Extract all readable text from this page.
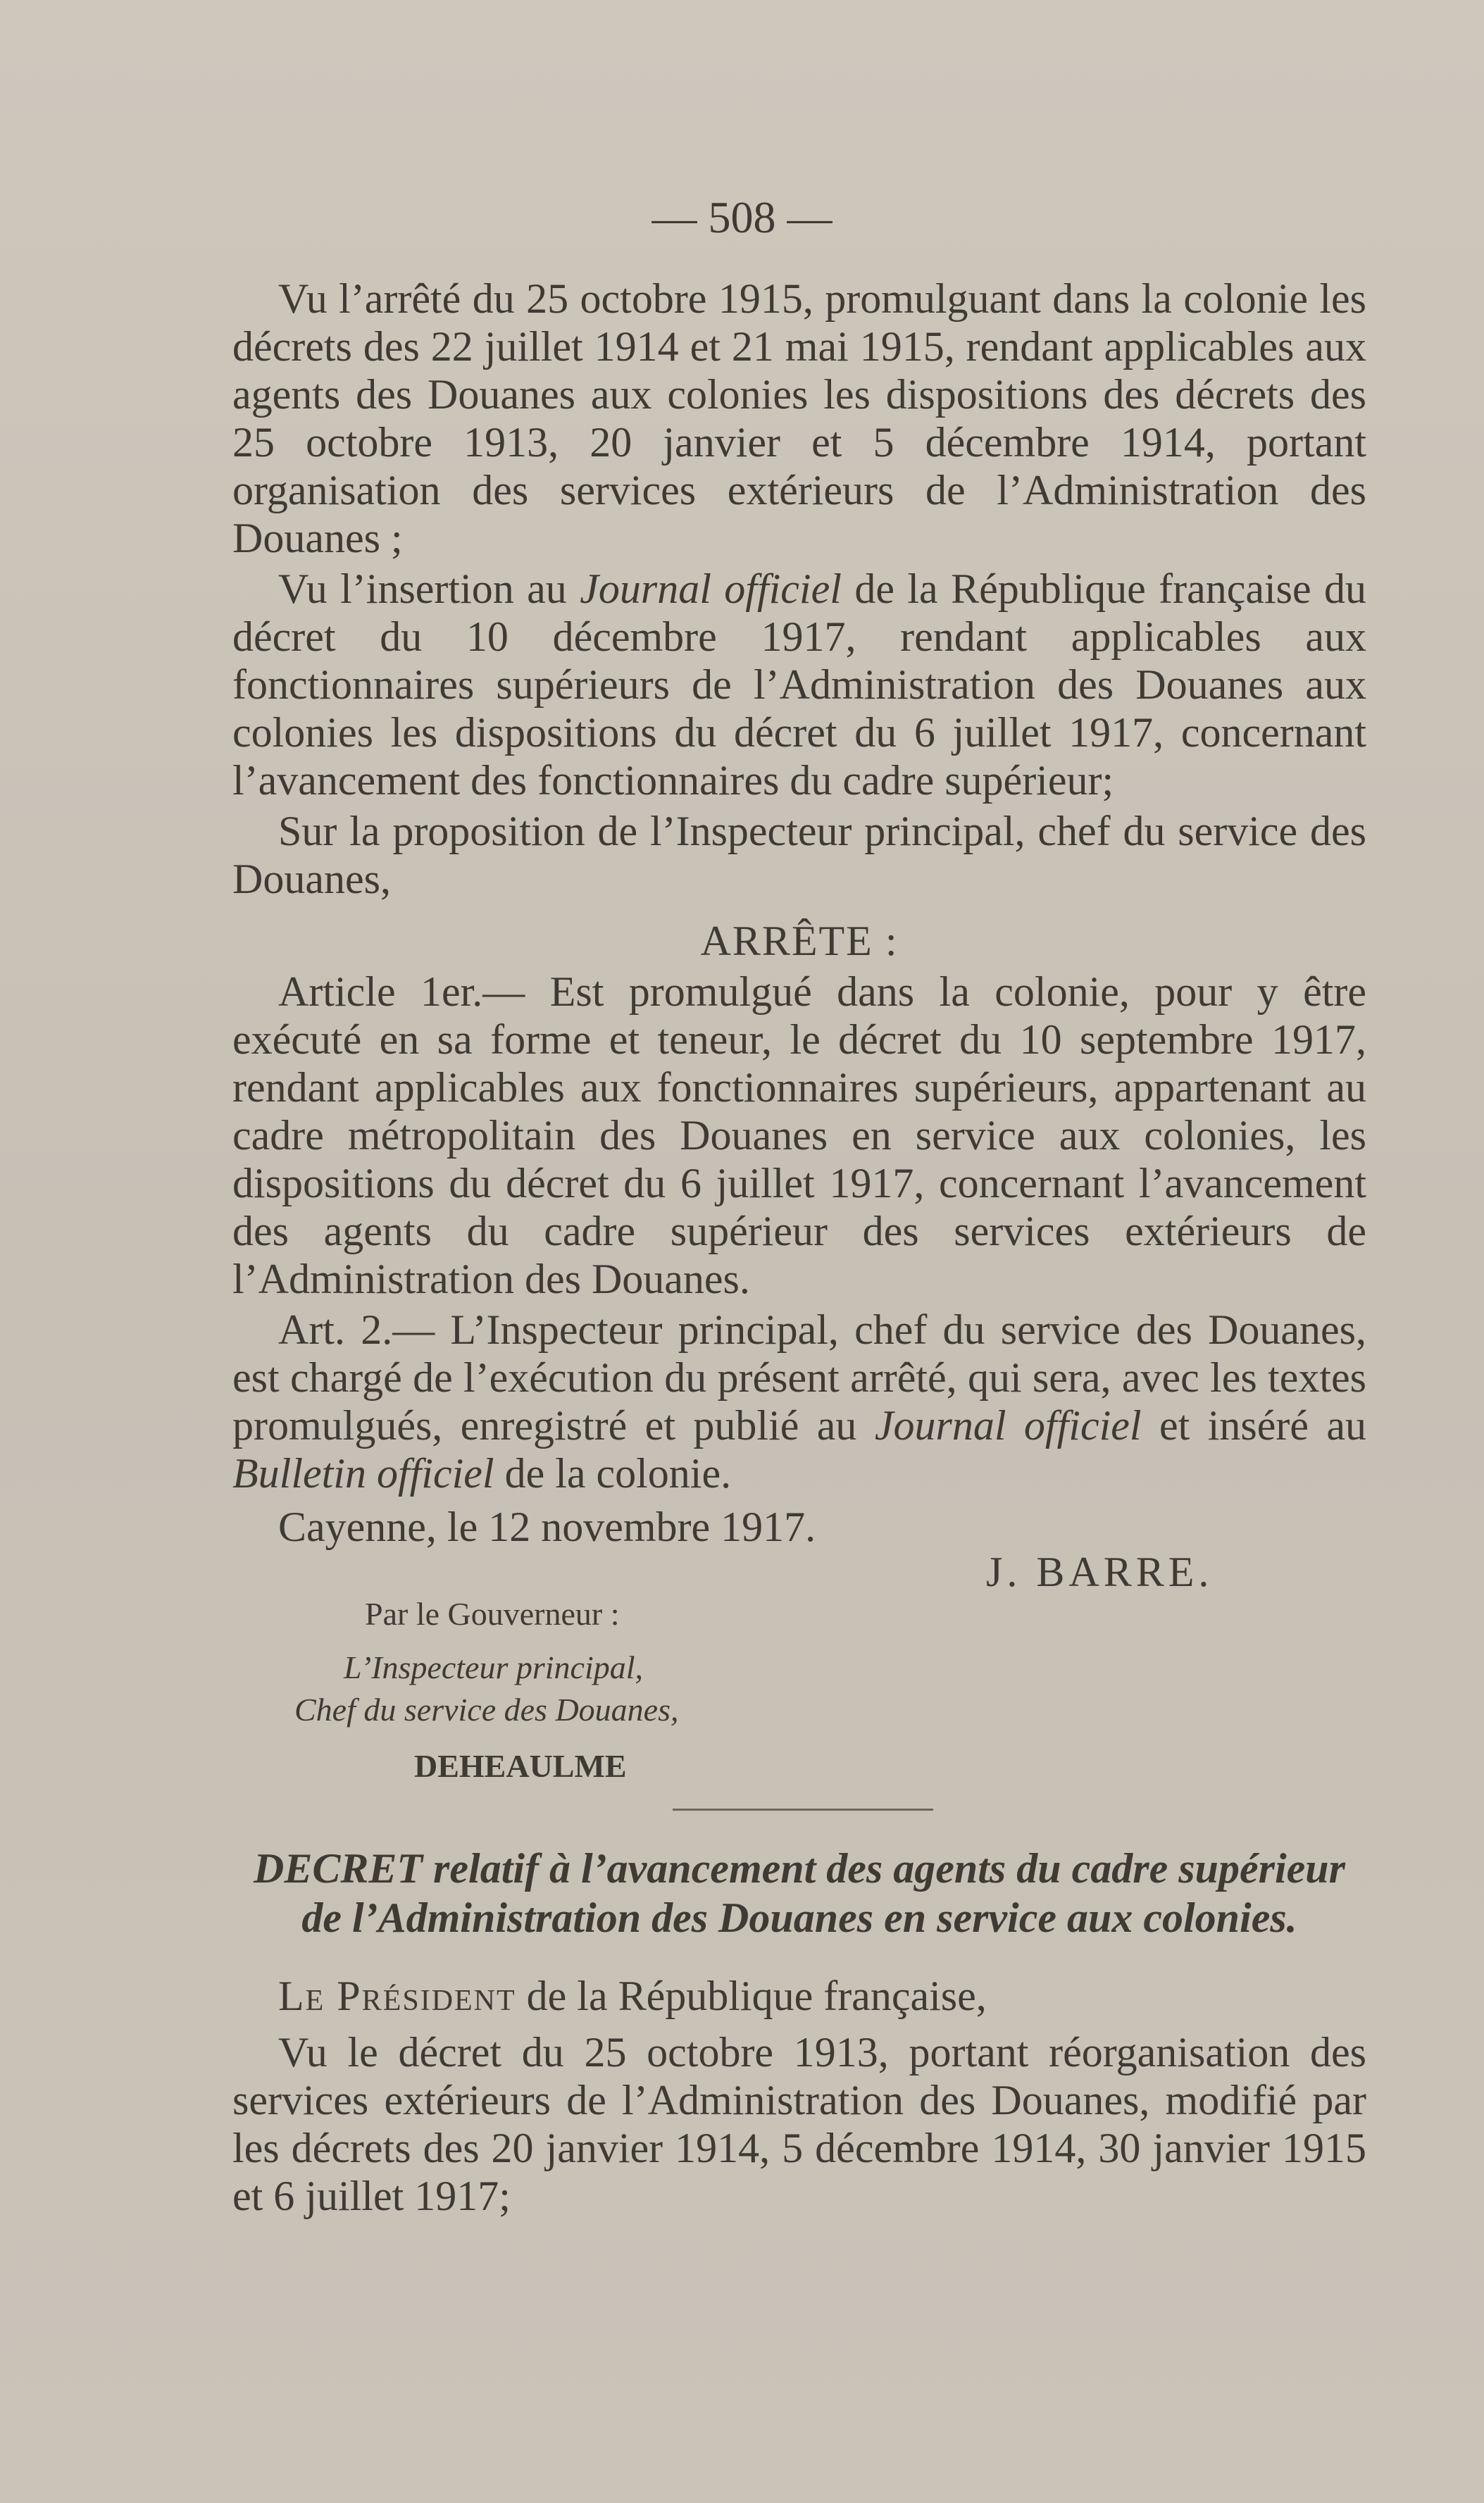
— 508 —

Vu l’arrêté du 25 octobre 1915, promulguant dans la colonie les décrets des 22 juillet 1914 et 21 mai 1915, rendant applicables aux agents des Douanes aux colonies les dispositions des décrets des 25 octobre 1913, 20 janvier et 5 décembre 1914, portant organisation des services extérieurs de l’Administration des Douanes ;

Vu l’insertion au Journal officiel de la République française du décret du 10 décembre 1917, rendant applicables aux fonctionnaires supérieurs de l’Administration des Douanes aux colonies les dispositions du décret du 6 juillet 1917, concernant l’avancement des fonctionnaires du cadre supérieur;

Sur la proposition de l’Inspecteur principal, chef du service des Douanes,

ARRÊTE :

Article 1er.— Est promulgué dans la colonie, pour y être exécuté en sa forme et teneur, le décret du 10 septembre 1917, rendant applicables aux fonctionnaires supérieurs, appartenant au cadre métropolitain des Douanes en service aux colonies, les dispositions du décret du 6 juillet 1917, concernant l’avancement des agents du cadre supérieur des services extérieurs de l’Administration des Douanes.

Art. 2.— L’Inspecteur principal, chef du service des Douanes, est chargé de l’exécution du présent arrêté, qui sera, avec les textes promulgués, enregistré et publié au Journal officiel et inséré au Bulletin officiel de la colonie.

Cayenne, le 12 novembre 1917.

J. BARRE.
Par le Gouverneur :
L’Inspecteur principal,
Chef du service des Douanes,
DEHEAULME
DECRET relatif à l’avancement des agents du cadre supérieur
de l’Administration des Douanes en service aux colonies.

Le Président de la République française,

Vu le décret du 25 octobre 1913, portant réorganisation des services extérieurs de l’Administration des Douanes, modifié par les décrets des 20 janvier 1914, 5 décembre 1914, 30 janvier 1915 et 6 juillet 1917;
